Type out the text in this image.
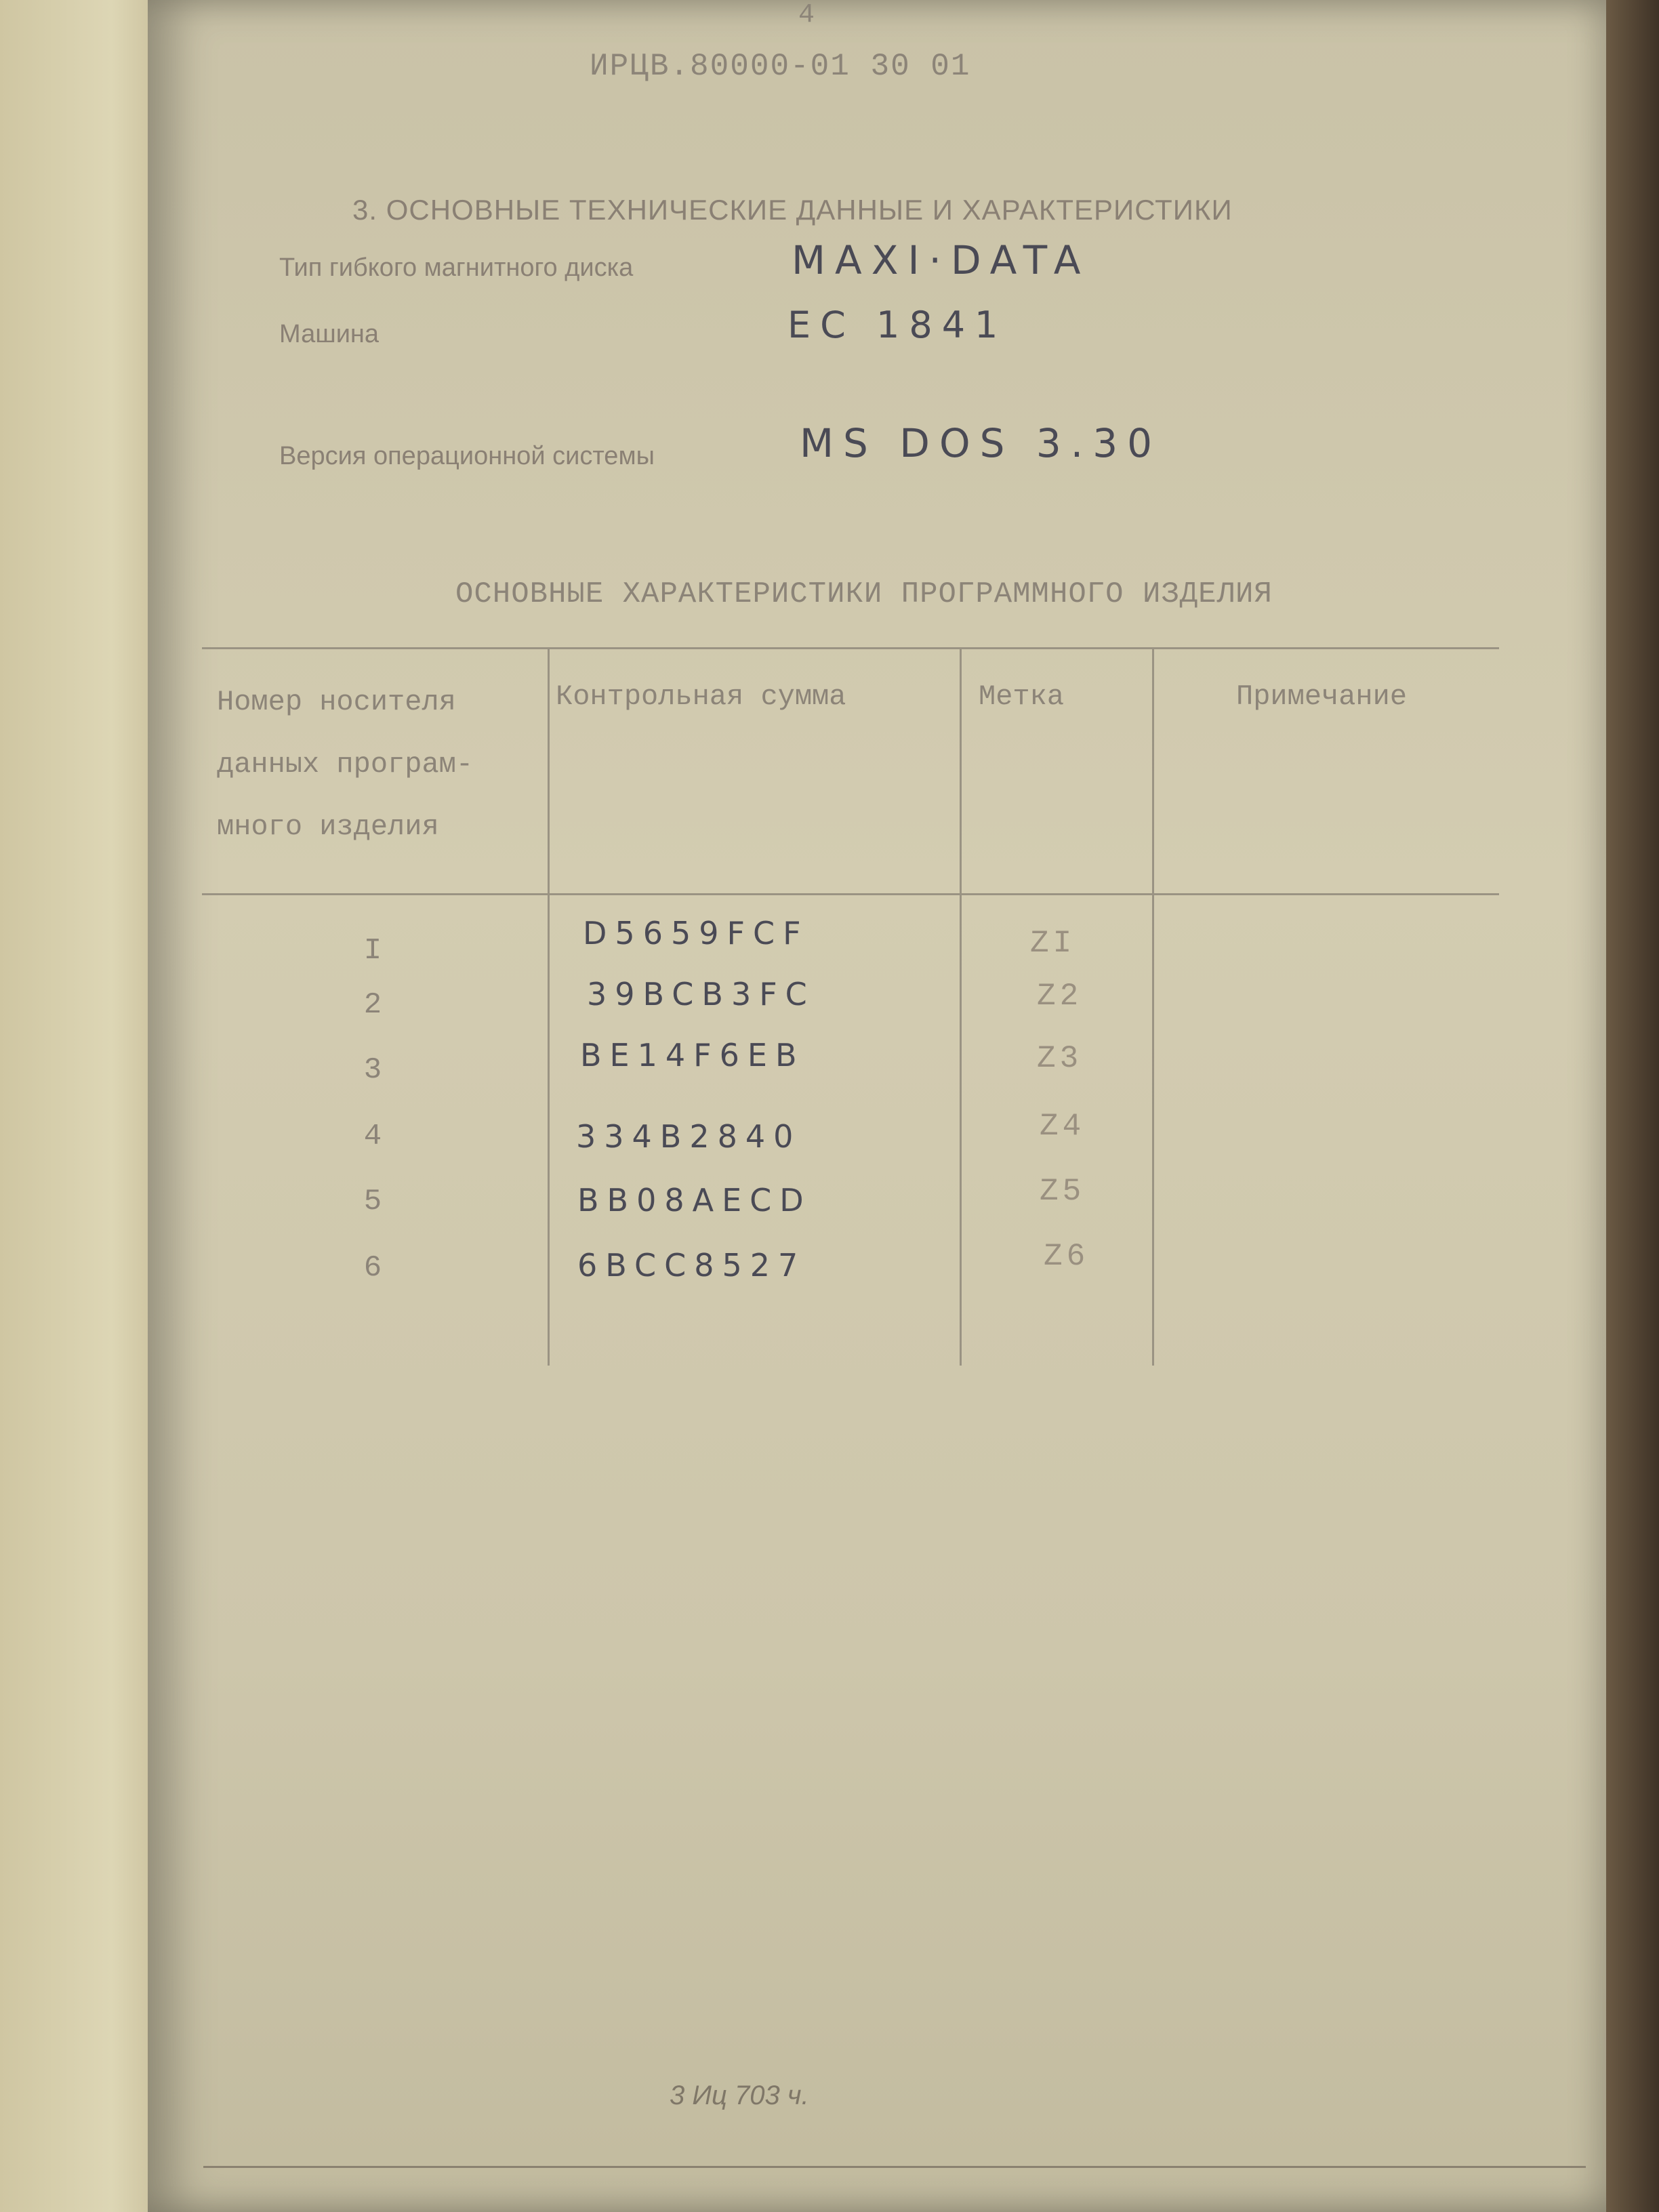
4
ИРЦВ.80000-01 30 01
3. ОСНОВНЫЕ ТЕХНИЧЕСКИЕ ДАННЫЕ И ХАРАКТЕРИСТИКИ
Тип гибкого магнитного диска	MAXI·DATA
Машина	ЕС 1841
Версия операционной системы	MS DOS 3.30
ОСНОВНЫЕ ХАРАКТЕРИСТИКИ ПРОГРАММНОГО ИЗДЕЛИЯ
Номер носителя
данных програм-
много изделия
Контрольная сумма	Метка	Примечание
I	D5659FCF	ZI
2	39BCB3FC	Z2
3	BE14F6EB	Z3
4	334B2840	Z4
5	BB08AECD	Z5
6	6BCC8527	Z6
3 Иц 703 ч.
